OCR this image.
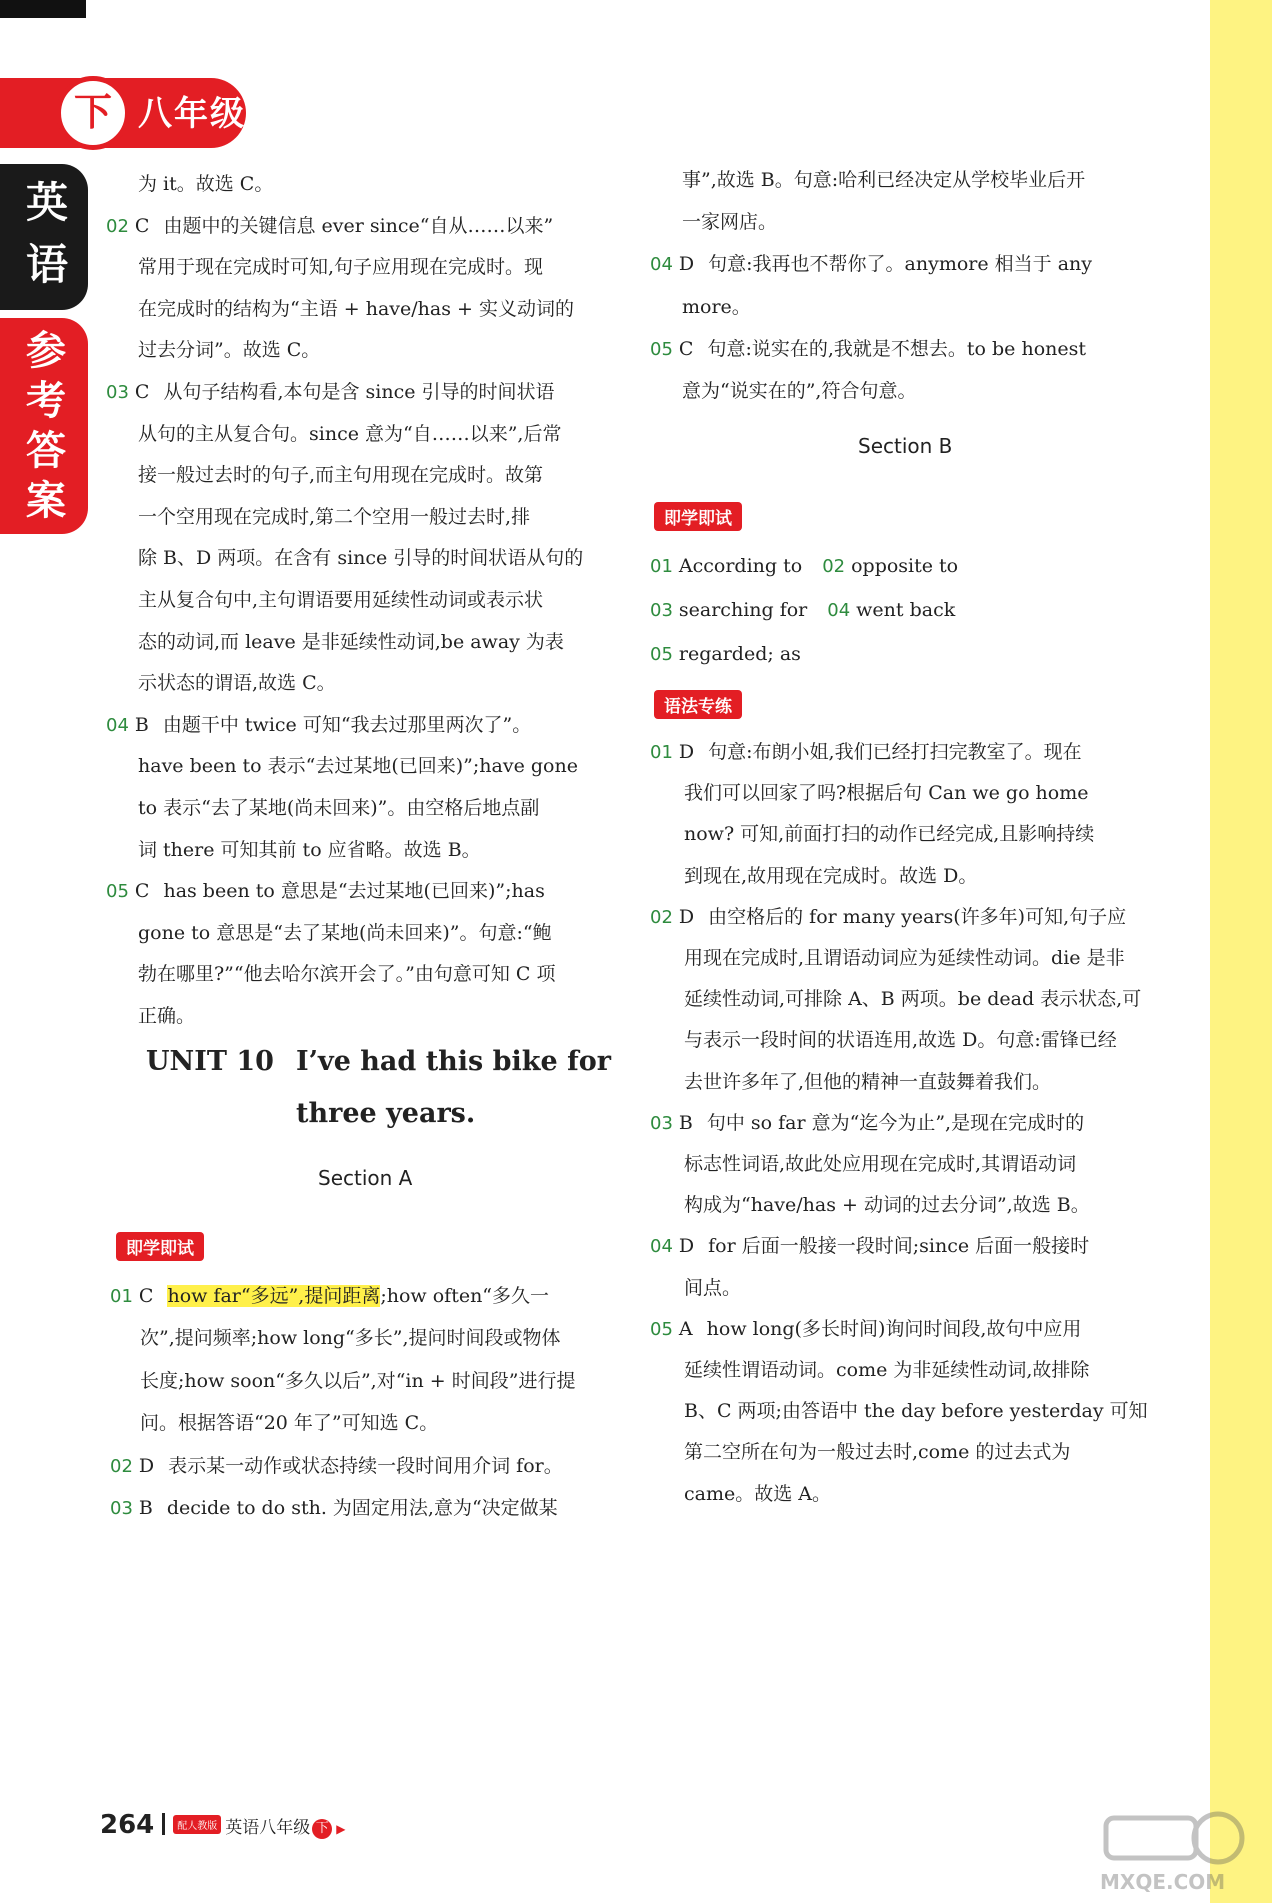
下 八年级
英
语
参
考
答
案
为 it。故选 C。
02 C 由题中的关键信息 ever since“自从……以来”
常用于现在完成时可知,句子应用现在完成时。现
在完成时的结构为“主语 + have/has + 实义动词的
过去分词”。故选 C。
03 C 从句子结构看,本句是含 since 引导的时间状语
从句的主从复合句。since 意为“自……以来”,后常
接一般过去时的句子,而主句用现在完成时。故第
一个空用现在完成时,第二个空用一般过去时,排
除 B、D 两项。在含有 since 引导的时间状语从句的
主从复合句中,主句谓语要用延续性动词或表示状
态的动词,而 leave 是非延续性动词,be away 为表
示状态的谓语,故选 C。
04 B 由题干中 twice 可知“我去过那里两次了”。
have been to 表示“去过某地(已回来)”;have gone
to 表示“去了某地(尚未回来)”。由空格后地点副
词 there 可知其前 to 应省略。故选 B。
05 C has been to 意思是“去过某地(已回来)”;has
gone to 意思是“去了某地(尚未回来)”。句意:“鲍
勃在哪里?”“他去哈尔滨开会了。”由句意可知 C 项
正确。
UNIT 10 I’ve had this bike for
three years.
Section A
即学即试
01 C how far“多远”,提问距离;how often“多久一
次”,提问频率;how long“多长”,提问时间段或物体
长度;how soon“多久以后”,对“in + 时间段”进行提
问。根据答语“20 年了”可知选 C。
02 D 表示某一动作或状态持续一段时间用介词 for。
03 B decide to do sth. 为固定用法,意为“决定做某
事”,故选 B。句意:哈利已经决定从学校毕业后开
一家网店。
04 D 句意:我再也不帮你了。anymore 相当于 any
more。
05 C 句意:说实在的,我就是不想去。to be honest
意为“说实在的”,符合句意。
Section B
即学即试
01 According to 02 opposite to
03 searching for 04 went back
05 regarded; as
语法专练
01 D 句意:布朗小姐,我们已经打扫完教室了。现在
我们可以回家了吗?根据后句 Can we go home
now? 可知,前面打扫的动作已经完成,且影响持续
到现在,故用现在完成时。故选 D。
02 D 由空格后的 for many years(许多年)可知,句子应
用现在完成时,且谓语动词应为延续性动词。die 是非
延续性动词,可排除 A、B 两项。be dead 表示状态,可
与表示一段时间的状语连用,故选 D。句意:雷锋已经
去世许多年了,但他的精神一直鼓舞着我们。
03 B 句中 so far 意为“迄今为止”,是现在完成时的
标志性词语,故此处应用现在完成时,其谓语动词
构成为“have/has + 动词的过去分词”,故选 B。
04 D for 后面一般接一段时间;since 后面一般接时
间点。
05 A how long(多长时间)询问时间段,故句中应用
延续性谓语动词。come 为非延续性动词,故排除
B、C 两项;由答语中 the day before yesterday 可知
第二空所在句为一般过去时,come 的过去式为
came。故选 A。
264 配人教版 英语八年级 下 ▶
MXQE.COM
